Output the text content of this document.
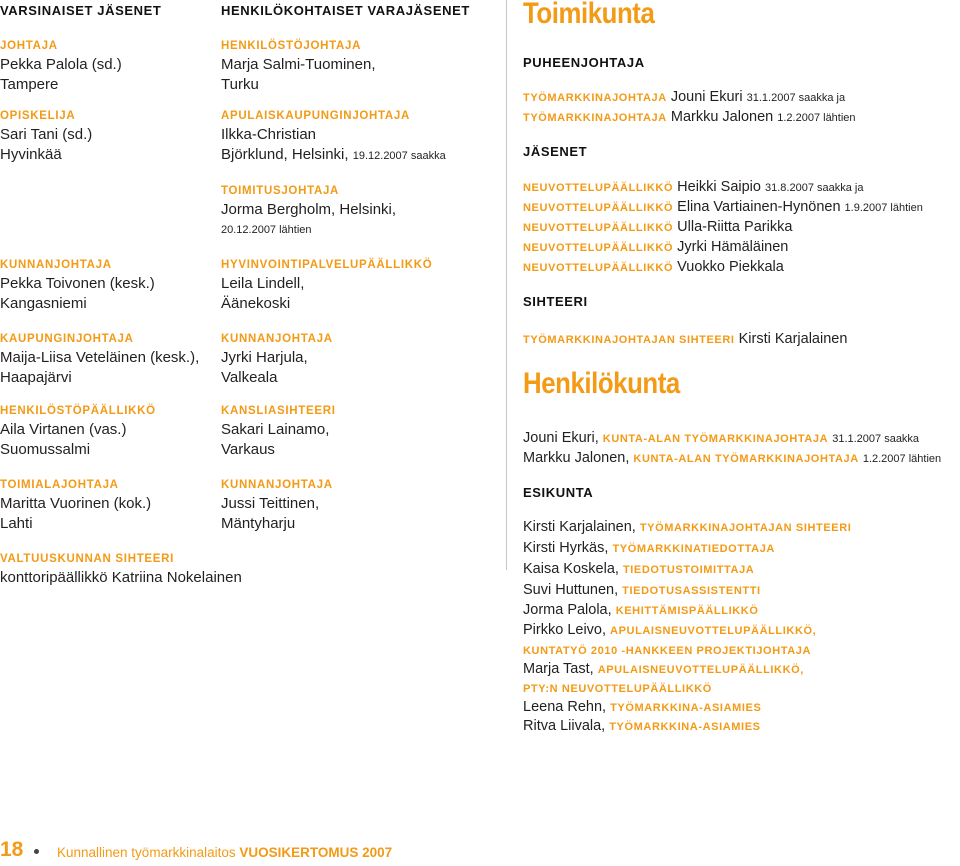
VARSINAISET JÄSENET
JOHTAJA
Pekka Palola (sd.)
Tampere
OPISKELIJA
Sari Tani (sd.)
Hyvinkää
KUNNANJOHTAJA
Pekka Toivonen (kesk.)
Kangasniemi
KAUPUNGINJOHTAJA
Maija-Liisa Veteläinen (kesk.),
Haapajärvi
HENKILÖSTÖPÄÄLLIKKÖ
Aila Virtanen (vas.)
Suomussalmi
TOIMIALAJOHTAJA
Maritta Vuorinen (kok.)
Lahti
VALTUUSKUNNAN SIHTEERI
konttoripäällikkö Katriina Nokelainen
HENKILÖKOHTAISET VARAJÄSENET
HENKILÖSTÖJOHTAJA
Marja Salmi-Tuominen,
Turku
APULAISKAUPUNGINJOHTAJA
Ilkka-Christian
Björklund, Helsinki, 19.12.2007 saakka
TOIMITUSJOHTAJA
Jorma Bergholm, Helsinki,
20.12.2007 lähtien
HYVINVOINTIPALVELUPÄÄLLIKKÖ
Leila Lindell,
Äänekoski
KUNNANJOHTAJA
Jyrki Harjula,
Valkeala
KANSLIASIHTEERI
Sakari Lainamo,
Varkaus
KUNNANJOHTAJA
Jussi Teittinen,
Mäntyharju
Toimikunta
PUHEENJOHTAJA
TYÖMARKKINAJOHTAJA Jouni Ekuri 31.1.2007 saakka ja
TYÖMARKKINAJOHTAJA Markku Jalonen 1.2.2007 lähtien
JÄSENET
NEUVOTTELUPÄÄLLIKKÖ Heikki Saipio 31.8.2007 saakka ja
NEUVOTTELUPÄÄLLIKKÖ Elina Vartiainen-Hynönen 1.9.2007 lähtien
NEUVOTTELUPÄÄLLIKKÖ Ulla-Riitta Parikka
NEUVOTTELUPÄÄLLIKKÖ Jyrki Hämäläinen
NEUVOTTELUPÄÄLLIKKÖ Vuokko Piekkala
SIHTEERI
TYÖMARKKINAJOHTAJAN SIHTEERI Kirsti Karjalainen
Henkilökunta
Jouni Ekuri, KUNTA-ALAN TYÖMARKKINAJOHTAJA 31.1.2007 saakka
Markku Jalonen, KUNTA-ALAN TYÖMARKKINAJOHTAJA 1.2.2007 lähtien
ESIKUNTA
Kirsti Karjalainen, TYÖMARKKINAJOHTAJAN SIHTEERI
Kirsti Hyrkäs, TYÖMARKKINATIEDOTTAJA
Kaisa Koskela, TIEDOTUSTOIMITTAJA
Suvi Huttunen, TIEDOTUSASSISTENTTI
Jorma Palola, KEHITTÄMISPÄÄLLIKKÖ
Pirkko Leivo, APULAISNEUVOTTELUPÄÄLLIKKÖ,
KUNTATYÖ 2010 -HANKKEEN PROJEKTIJOHTAJA
Marja Tast, APULAISNEUVOTTELUPÄÄLLIKKÖ,
PTY:N NEUVOTTELUPÄÄLLIKKÖ
Leena Rehn, TYÖMARKKINA-ASIAMIES
Ritva Liivala, TYÖMARKKINA-ASIAMIES
18 Kunnallinen työmarkkinalaitos VUOSIKERTOMUS 2007
